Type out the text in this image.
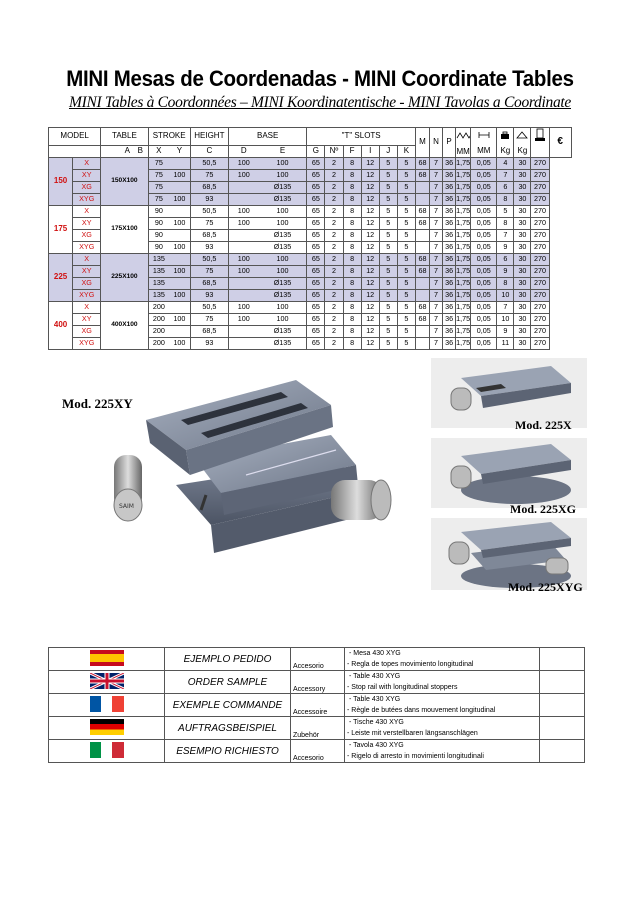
MINI Mesas de Coordenadas - MINI Coordinate Tables
MINI Tables à Coordonnées – MINI Koordinatentische - MINI Tavolas a Coordinate
MODEL		TABLE		STROKE		HEIGHT	BASE		"T" SLOTS						M	N	P						€
		A	B	X	Y	C	D	E	G	Nº	F	I	J	K				MM	MM	Kg	Kg		
150	X	150X100		75		50,5	100	100	65	2	8	12	5	5	68	7	36	1,75	0,05	4	30	270	
	XY			75	100	75	100	100	65	2	8	12	5	5	68	7	36	1,75	0,05	7	30	270	
	XG			75		68,5		Ø135	65	2	8	12	5	5		7	36	1,75	0,05	6	30	270	
	XYG			75	100	93		Ø135	65	2	8	12	5	5		7	36	1,75	0,05	8	30	270	
175	X	175X100		90		50,5	100	100	65	2	8	12	5	5	68	7	36	1,75	0,05	5	30	270	
	XY			90	100	75	100	100	65	2	8	12	5	5	68	7	36	1,75	0,05	8	30	270	
	XG			90		68,5		Ø135	65	2	8	12	5	5		7	36	1,75	0,05	7	30	270	
	XYG			90	100	93		Ø135	65	2	8	12	5	5		7	36	1,75	0,05	9	30	270	
225	X	225X100		135		50,5	100	100	65	2	8	12	5	5	68	7	36	1,75	0,05	6	30	270	
	XY			135	100	75	100	100	65	2	8	12	5	5	68	7	36	1,75	0,05	9	30	270	
	XG			135		68,5		Ø135	65	2	8	12	5	5		7	36	1,75	0,05	8	30	270	
	XYG			135	100	93		Ø135	65	2	8	12	5	5		7	36	1,75	0,05	10	30	270	
400	X	400X100		200		50,5	100	100	65	2	8	12	5	5	68	7	36	1,75	0,05	7	30	270	
	XY			200	100	75	100	100	65	2	8	12	5	5	68	7	36	1,75	0,05	10	30	270	
	XG			200		68,5		Ø135	65	2	8	12	5	5		7	36	1,75	0,05	9	30	270	
	XYG			200	100	93		Ø135	65	2	8	12	5	5		7	36	1,75	0,05	11	30	270	
Mod. 225XY
SAIM
Mod. 225X
Mod. 225XG
Mod. 225XYG
	EJEMPLO PEDIDO	Accesorio	- Mesa 430 XYG
- Regla de topes movimiento longitudinal	

	ORDER SAMPLE	Accessory	- Table 430 XYG
- Stop rail with longitudinal stoppers	

	EXEMPLE COMMANDE	Accessoire	- Table 430 XYG
- Règle de butées dans mouvement longitudinal	

	AUFTRAGSBEISPIEL	Zubehör	- Tische 430 XYG
- Leiste mit verstellbaren längsanschlägen	

	ESEMPIO RICHIESTO	Accesorio	- Tavola 430 XYG
- Rigelo di arresto in movimienti longitudinali	
